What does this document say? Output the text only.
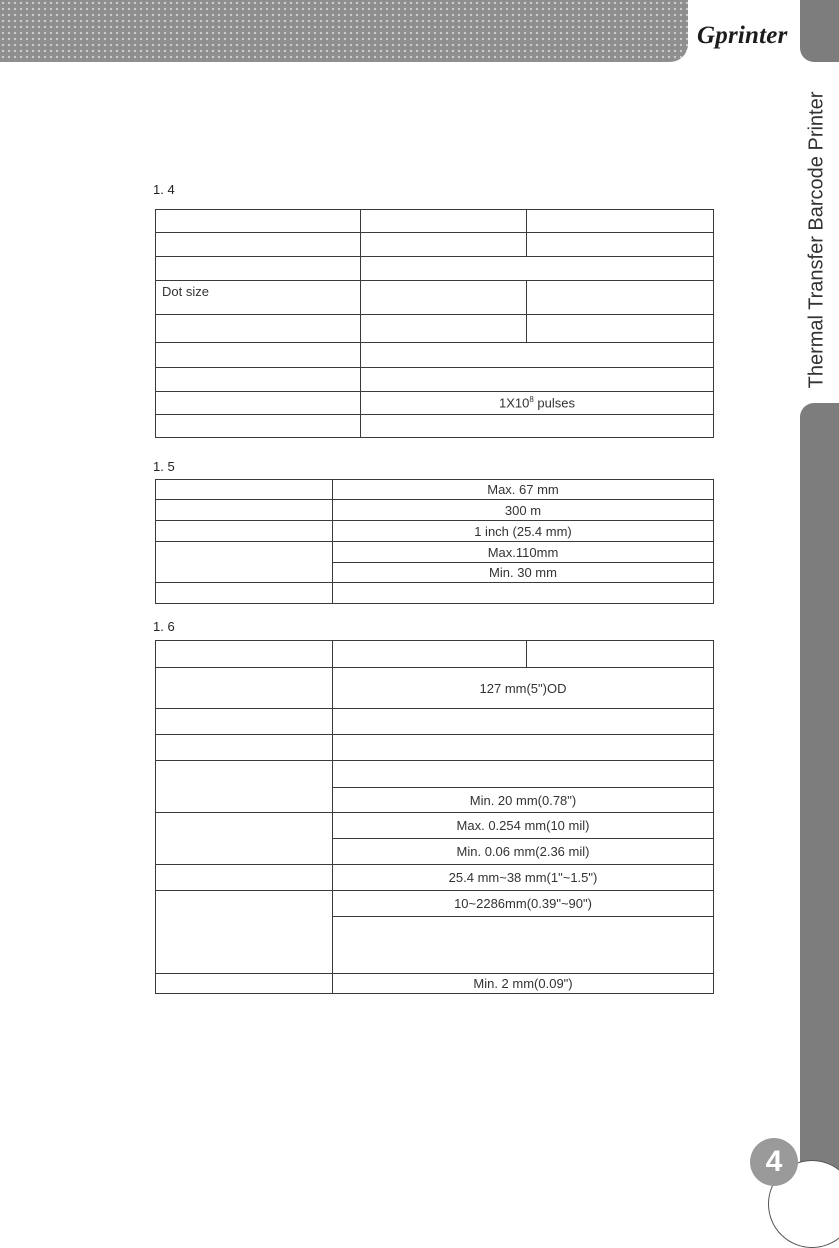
Gprinter
Thermal Transfer Barcode Printer
4
1. 4

Dot size		

	$1X10^8$ pulses	

1. 5
	Max. 67 mm
	300 m
	1 inch (25.4 mm)
	Max.110mm
	Min. 30 mm

1. 6

	127 mm(5")OD	

	Min. 20 mm(0.78")	
	Max. 0.254 mm(10 mil)	
	Min. 0.06 mm(2.36 mil)	
	25.4 mm~38 mm(1"~1.5")	
	10~2286mm(0.39"~90")	

	Min. 2 mm(0.09")	
